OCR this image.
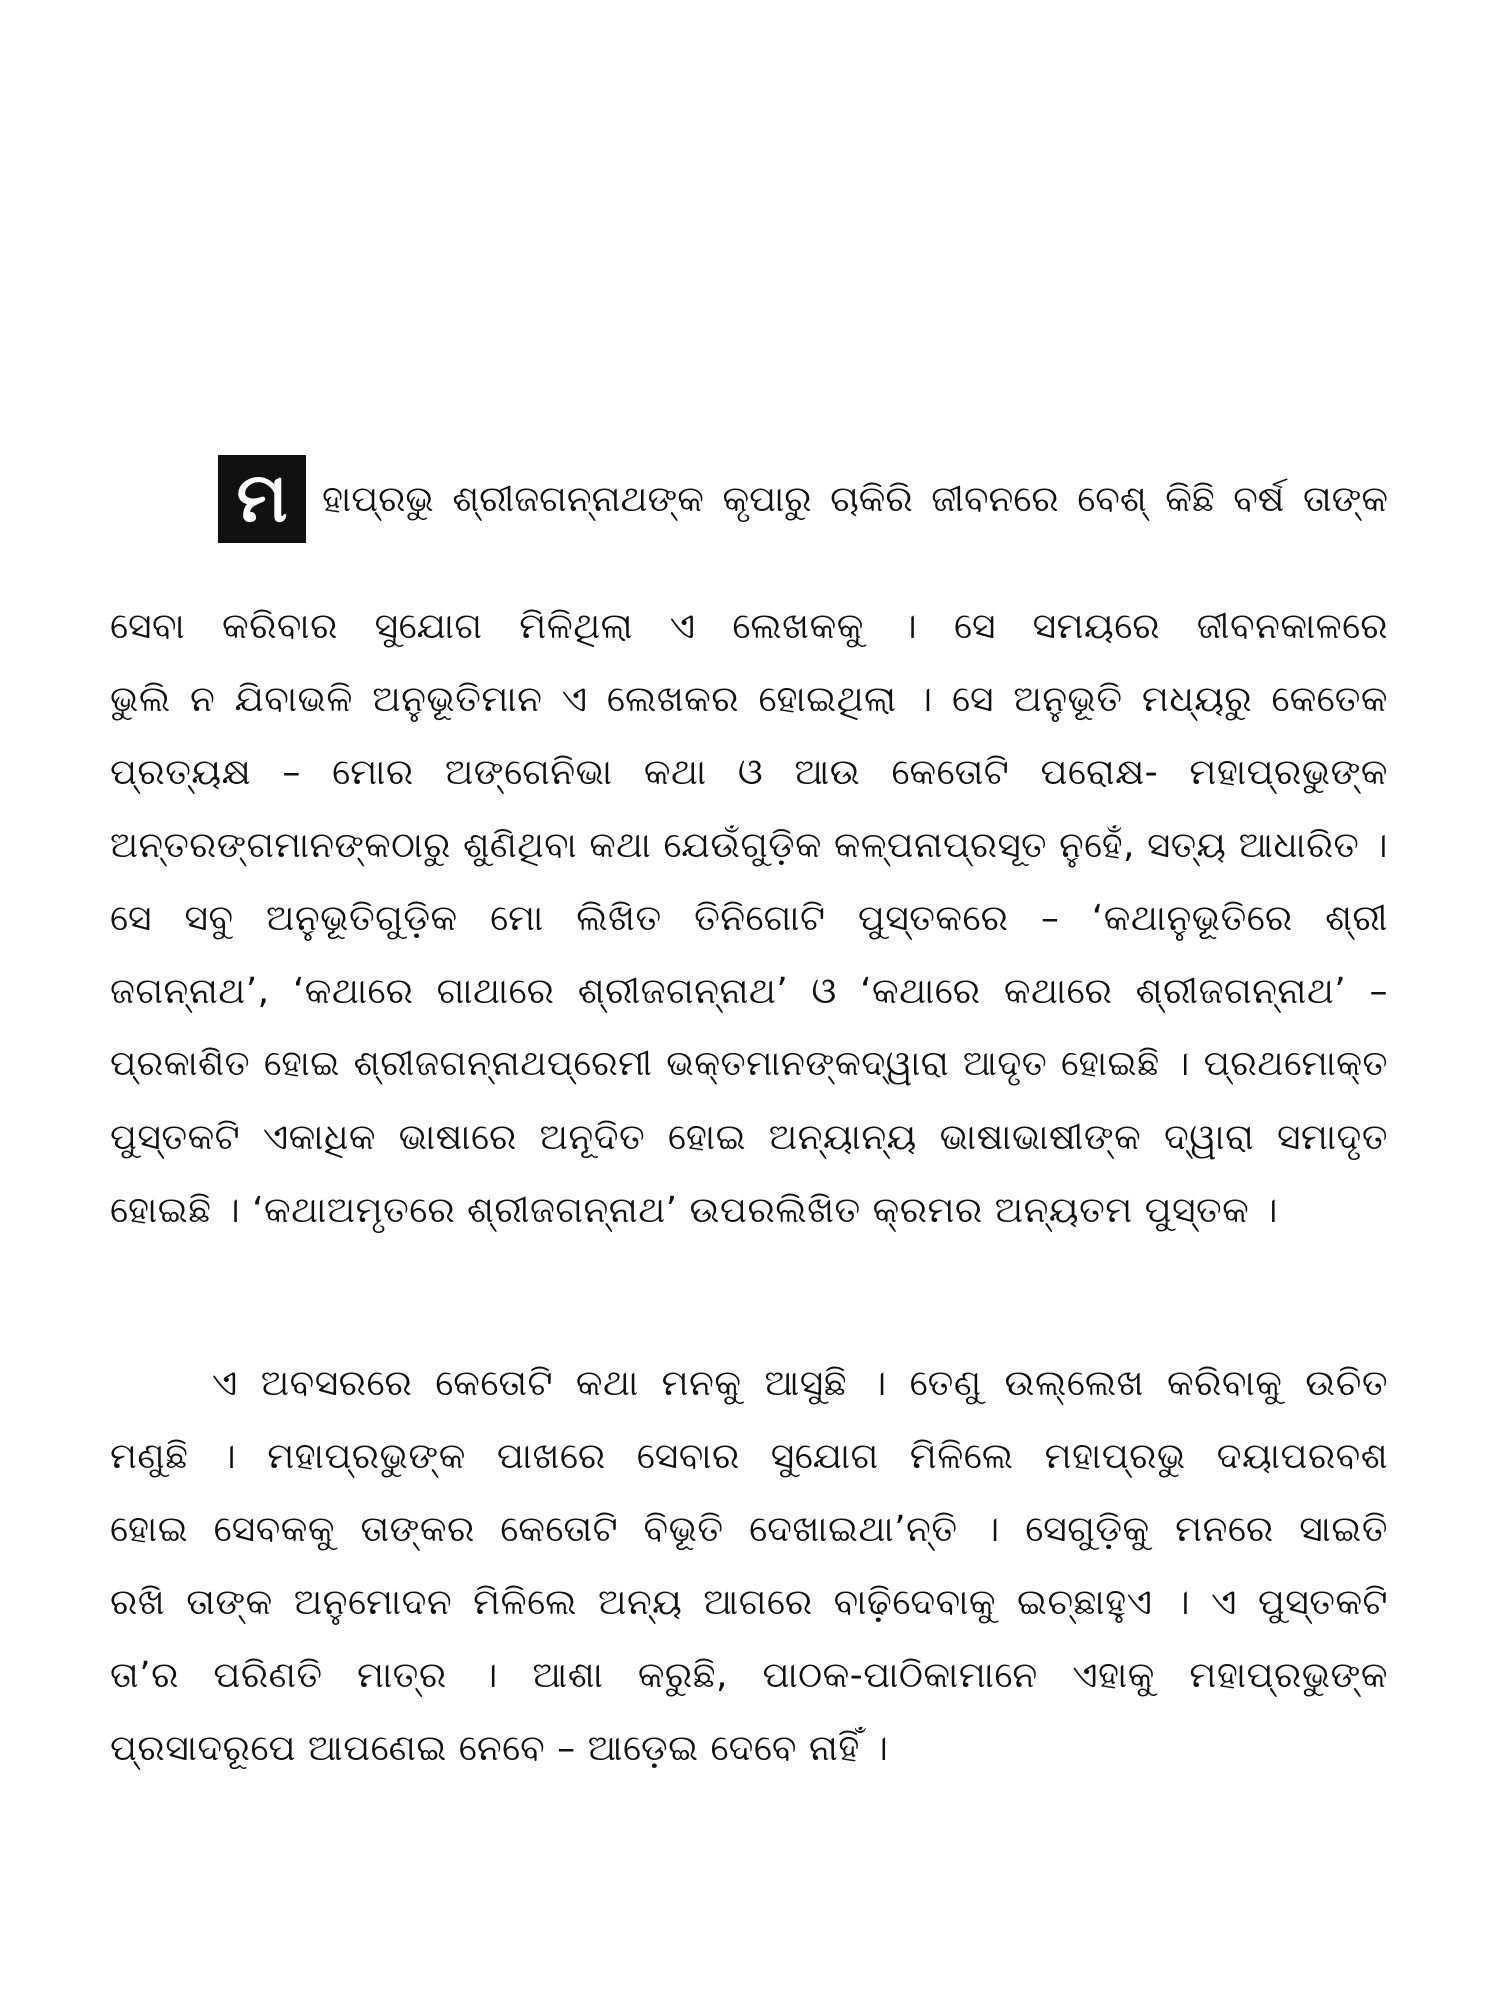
ମ ହାପ୍ରଭୁ ଶ୍ରୀଜଗନ୍ନାଥଙ୍କ କୃପାରୁ ଚାକିରି ଜୀବନରେ ବେଶ୍ କିଛି ବର୍ଷ ତାଙ୍କ
ସେବା କରିବାର ସୁଯୋଗ ମିଳିଥିଲା ଏ ଲେଖକକୁ । ସେ ସମୟରେ ଜୀବନକାଳରେ
ଭୁଲି ନ ଯିବାଭଳି ଅନୁଭୂତିମାନ ଏ ଲେଖକର ହୋଇଥିଲା । ସେ ଅନୁଭୂତି ମଧ୍ୟରୁ କେତେକ
ପ୍ରତ୍ୟକ୍ଷ – ମୋର ଅଙ୍ଗେନିଭା କଥା ଓ ଆଉ କେତୋଟି ପରୋକ୍ଷ- ମହାପ୍ରଭୁଙ୍କ
ଅନ୍ତରଙ୍ଗମାନଙ୍କଠାରୁ ଶୁଣିଥିବା କଥା ଯେଉଁଗୁଡ଼ିକ କଳ୍ପନାପ୍ରସୂତ ନୁହେଁ, ସତ୍ୟ ଆଧାରିତ ।
ସେ ସବୁ ଅନୁଭୂତିଗୁଡ଼ିକ ମୋ ଲିଖିତ ତିନିଗୋଟି ପୁସ୍ତକରେ – ‘କଥାନୁଭୂତିରେ ଶ୍ରୀ
ଜଗନ୍ନାଥ’, ‘କଥାରେ ଗାଥାରେ ଶ୍ରୀଜଗନ୍ନାଥ’ ଓ ‘କଥାରେ କଥାରେ ଶ୍ରୀଜଗନ୍ନାଥ’ –
ପ୍ରକାଶିତ ହୋଇ ଶ୍ରୀଜଗନ୍ନାଥପ୍ରେମୀ ଭକ୍ତମାନଙ୍କଦ୍ୱାରା ଆଦୃତ ହୋଇଛି । ପ୍ରଥମୋକ୍ତ
ପୁସ୍ତକଟି ଏକାଧିକ ଭାଷାରେ ଅନୂଦିତ ହୋଇ ଅନ୍ୟାନ୍ୟ ଭାଷାଭାଷୀଙ୍କ ଦ୍ୱାରା ସମାଦୃତ
ହୋଇଛି । ‘କଥାଅମୃତରେ ଶ୍ରୀଜଗନ୍ନାଥ’ ଉପରଲିଖିତ କ୍ରମର ଅନ୍ୟତମ ପୁସ୍ତକ ।
ଏ ଅବସରରେ କେତୋଟି କଥା ମନକୁ ଆସୁଛି । ତେଣୁ ଉଲ୍ଲେଖ କରିବାକୁ ଉଚିତ
ମଣୁଛି । ମହାପ୍ରଭୁଙ୍କ ପାଖରେ ସେବାର ସୁଯୋଗ ମିଳିଲେ ମହାପ୍ରଭୁ ଦୟାପରବଶ
ହୋଇ ସେବକକୁ ତାଙ୍କର କେତୋଟି ବିଭୂତି ଦେଖାଇଥା’ନ୍ତି । ସେଗୁଡ଼ିକୁ ମନରେ ସାଇତି
ରଖି ତାଙ୍କ ଅନୁମୋଦନ ମିଳିଲେ ଅନ୍ୟ ଆଗରେ ବାଢ଼ିଦେବାକୁ ଇଚ୍ଛାହୁଏ । ଏ ପୁସ୍ତକଟି
ତା’ର ପରିଣତି ମାତ୍ର । ଆଶା କରୁଛି, ପାଠକ-ପାଠିକାମାନେ ଏହାକୁ ମହାପ୍ରଭୁଙ୍କ
ପ୍ରସାଦରୂପେ ଆପଣେଇ ନେବେ – ଆଡ଼େଇ ଦେବେ ନାହିଁ ।
